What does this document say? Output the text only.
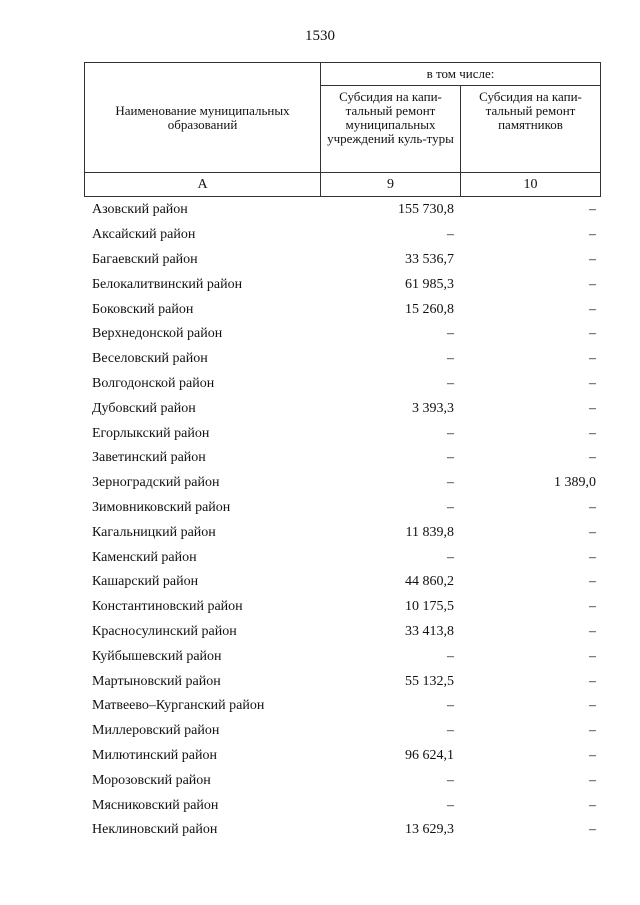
1530
Наименование муниципальных образований	в том числе:	
	Субсидия на капи-тальный ремонт муниципальных учреждений куль-туры	Субсидия на капи-тальный ремонт памятников
А	9	10
Азовский район	155 730,8	–
Аксайский район	–	–
Багаевский район	33 536,7	–
Белокалитвинский район	61 985,3	–
Боковский район	15 260,8	–
Верхнедонской район	–	–
Веселовский район	–	–
Волгодонской район	–	–
Дубовский район	3 393,3	–
Егорлыкский район	–	–
Заветинский район	–	–
Зерноградский район	–	1 389,0
Зимовниковский район	–	–
Кагальницкий район	11 839,8	–
Каменский район	–	–
Кашарский район	44 860,2	–
Константиновский район	10 175,5	–
Красносулинский район	33 413,8	–
Куйбышевский район	–	–
Мартыновский район	55 132,5	–
Матвеево–Курганский район	–	–
Миллеровский район	–	–
Милютинский район	96 624,1	–
Морозовский район	–	–
Мясниковский район	–	–
Неклиновский район	13 629,3	–
